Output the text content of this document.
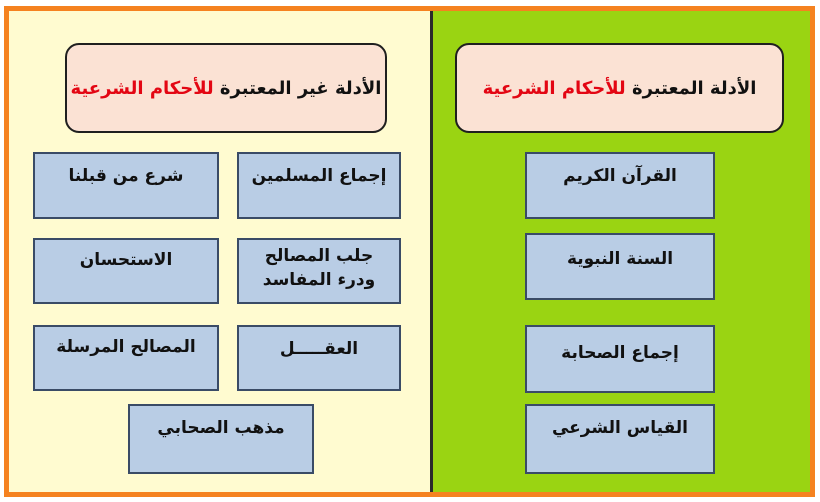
الأدلة غير المعتبرة

للأحكام الشرعية
إجماع المسلمين
شرع من قبلنا
جلب المصالح
ودرء المفاسد
الاستحسان
العقـــــل
المصالح المرسلة
مذهب الصحابي
الأدلة المعتبرة

للأحكام الشرعية
القرآن الكريم
السنة النبوية
إجماع الصحابة
القياس الشرعي
